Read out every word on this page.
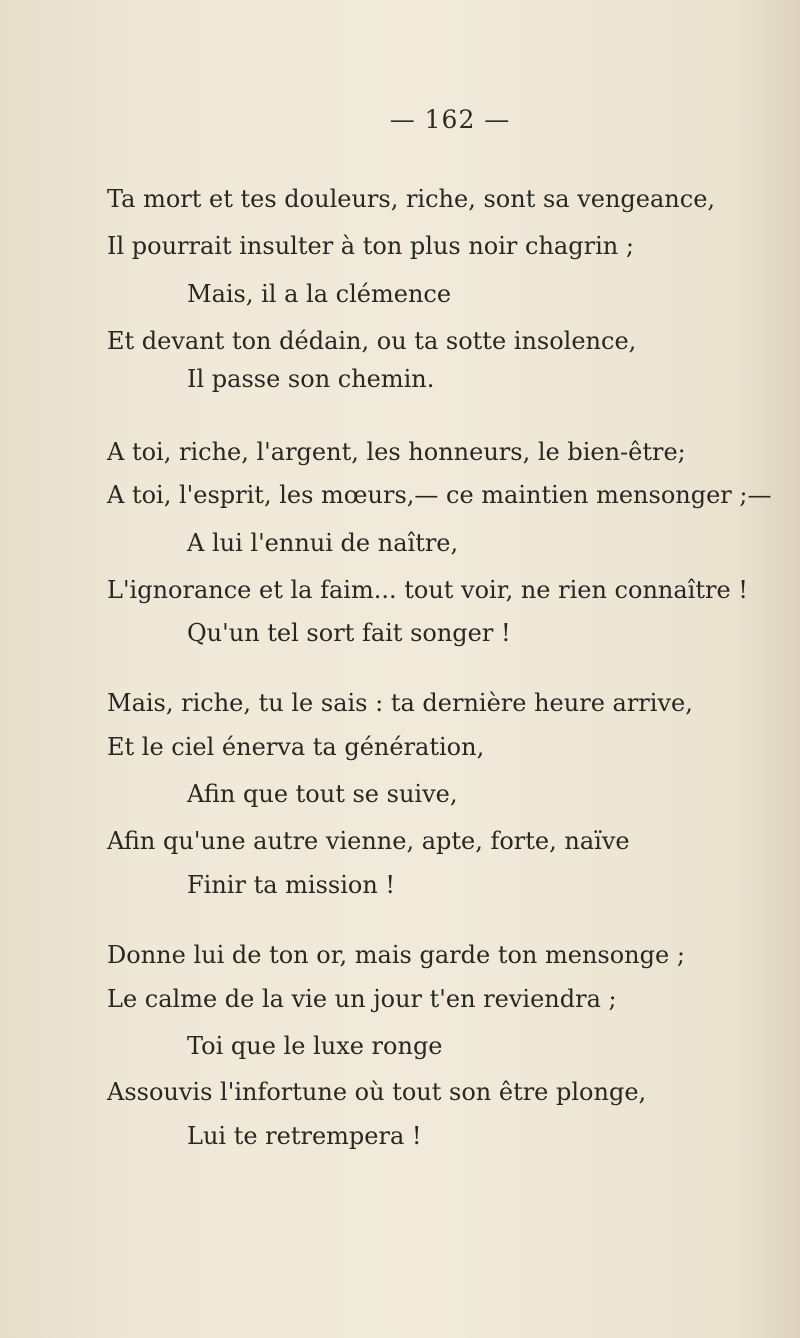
— 162 —
Ta mort et tes douleurs, riche, sont sa vengeance,
Il pourrait insulter à ton plus noir chagrin ;
Mais, il a la clémence
Et devant ton dédain, ou ta sotte insolence,
Il passe son chemin.
A toi, riche, l'argent, les honneurs, le bien-être;
A toi, l'esprit, les mœurs,— ce maintien mensonger ;—
A lui l'ennui de naître,
L'ignorance et la faim... tout voir, ne rien connaître !
Qu'un tel sort fait songer !
Mais, riche, tu le sais : ta dernière heure arrive,
Et le ciel énerva ta génération,
Afin que tout se suive,
Afin qu'une autre vienne, apte, forte, naïve
Finir ta mission !
Donne lui de ton or, mais garde ton mensonge ;
Le calme de la vie un jour t'en reviendra ;
Toi que le luxe ronge
Assouvis l'infortune où tout son être plonge,
Lui te retrempera !
